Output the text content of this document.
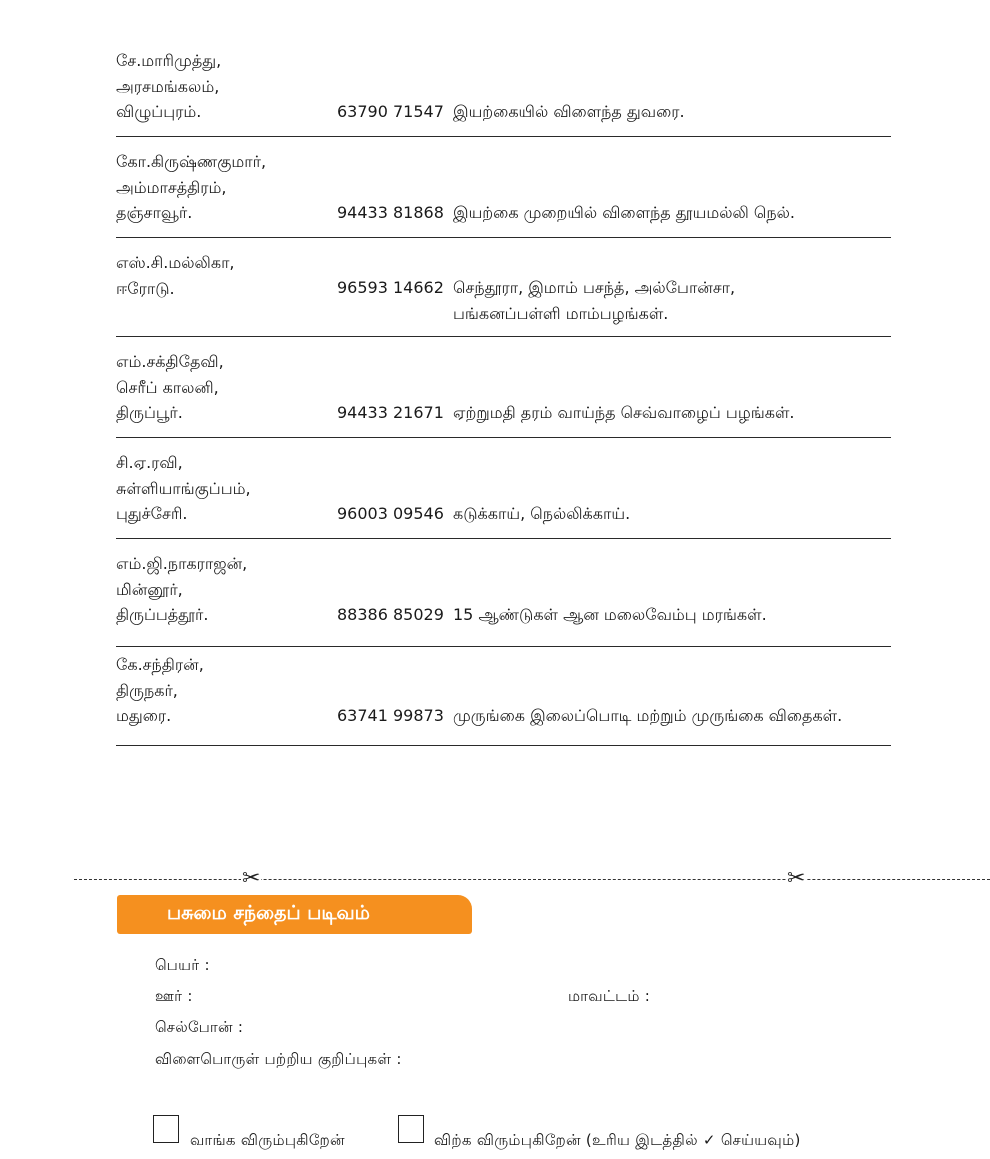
சே.மாரிமுத்து,
அரசமங்கலம்,
விழுப்புரம்.	63790 71547 இயற்கையில் விளைந்த துவரை.
கோ.கிருஷ்ணகுமார்,
அம்மாசத்திரம்,
தஞ்சாவூர்.	94433 81868 இயற்கை முறையில் விளைந்த தூயமல்லி நெல்.
எஸ்.சி.மல்லிகா,
ஈரோடு.	96593 14662 செந்தூரா, இமாம் பசந்த், அல்போன்சா,
பங்கனப்பள்ளி மாம்பழங்கள்.
எம்.சக்திதேவி,
செரீப் காலனி,
திருப்பூர்.	94433 21671 ஏற்றுமதி தரம் வாய்ந்த செவ்வாழைப் பழங்கள்.
சி.ஏ.ரவி,
சுள்ளியாங்குப்பம்,
புதுச்சேரி.	96003 09546 கடுக்காய், நெல்லிக்காய்.
எம்.ஜி.நாகராஜன்,
மின்னூர்,
திருப்பத்தூர்.	88386 85029 15 ஆண்டுகள் ஆன மலைவேம்பு மரங்கள்.
கே.சந்திரன்,
திருநகர்,
மதுரை.	63741 99873 முருங்கை இலைப்பொடி மற்றும் முருங்கை விதைகள்.
✂	✂
பசுமை சந்தைப் படிவம்
பெயர் :
ஊர் :	மாவட்டம் :
செல்போன் :
விளைபொருள் பற்றிய குறிப்புகள் :
வாங்க விரும்புகிறேன்	விற்க விரும்புகிறேன் (உரிய இடத்தில் ✓ செய்யவும்)
